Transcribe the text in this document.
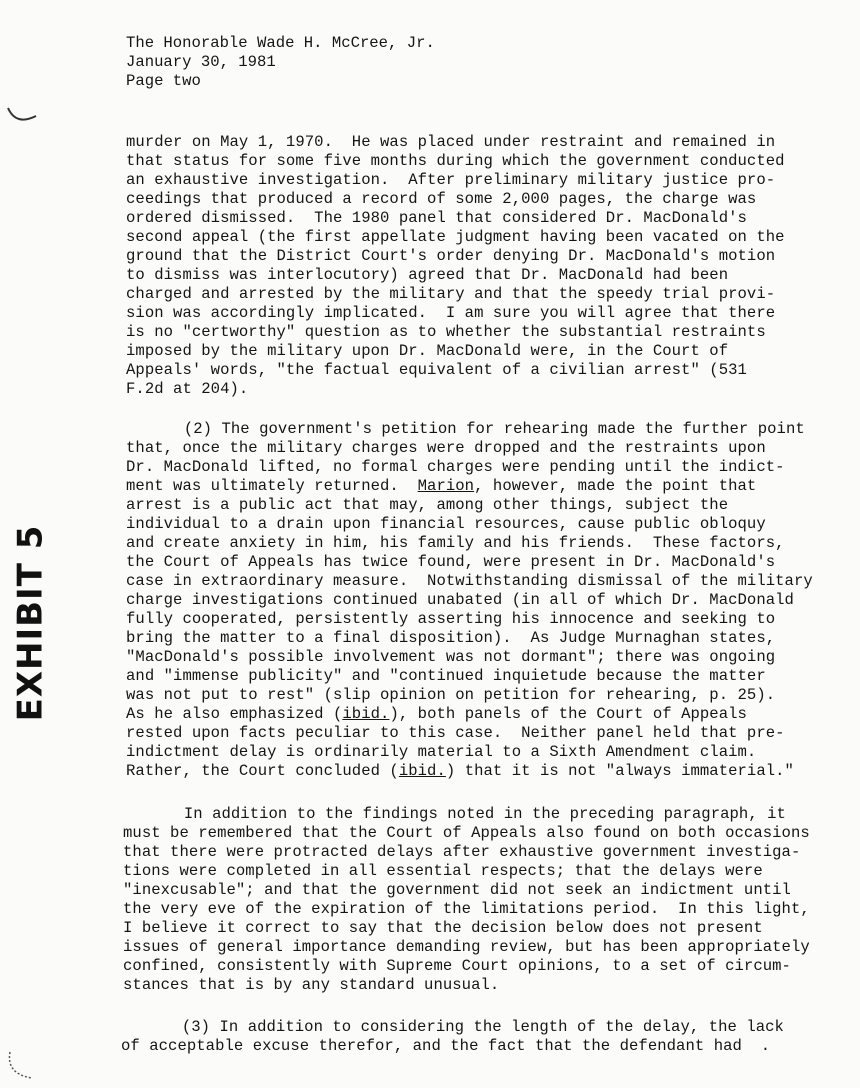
The Honorable Wade H. McCree, Jr.
January 30, 1981
Page two
EXHIBIT 5
murder on May 1, 1970.  He was placed under restraint and remained in
that status for some five months during which the government conducted
an exhaustive investigation.  After preliminary military justice pro-
ceedings that produced a record of some 2,000 pages, the charge was
ordered dismissed.  The 1980 panel that considered Dr. MacDonald's
second appeal (the first appellate judgment having been vacated on the
ground that the District Court's order denying Dr. MacDonald's motion
to dismiss was interlocutory) agreed that Dr. MacDonald had been
charged and arrested by the military and that the speedy trial provi-
sion was accordingly implicated.  I am sure you will agree that there
is no "certworthy" question as to whether the substantial restraints
imposed by the military upon Dr. MacDonald were, in the Court of
Appeals' words, "the factual equivalent of a civilian arrest" (531
F.2d at 204).
(2) The government's petition for rehearing made the further point
that, once the military charges were dropped and the restraints upon
Dr. MacDonald lifted, no formal charges were pending until the indict-
ment was ultimately returned.  Marion, however, made the point that
arrest is a public act that may, among other things, subject the
individual to a drain upon financial resources, cause public obloquy
and create anxiety in him, his family and his friends.  These factors,
the Court of Appeals has twice found, were present in Dr. MacDonald's
case in extraordinary measure.  Notwithstanding dismissal of the military
charge investigations continued unabated (in all of which Dr. MacDonald
fully cooperated, persistently asserting his innocence and seeking to
bring the matter to a final disposition).  As Judge Murnaghan states,
"MacDonald's possible involvement was not dormant"; there was ongoing
and "immense publicity" and "continued inquietude because the matter
was not put to rest" (slip opinion on petition for rehearing, p. 25).
As he also emphasized (ibid.), both panels of the Court of Appeals
rested upon facts peculiar to this case.  Neither panel held that pre-
indictment delay is ordinarily material to a Sixth Amendment claim.
Rather, the Court concluded (ibid.) that it is not "always immaterial."
In addition to the findings noted in the preceding paragraph, it
must be remembered that the Court of Appeals also found on both occasions
that there were protracted delays after exhaustive government investiga-
tions were completed in all essential respects; that the delays were
"inexcusable"; and that the government did not seek an indictment until
the very eve of the expiration of the limitations period.  In this light,
I believe it correct to say that the decision below does not present
issues of general importance demanding review, but has been appropriately
confined, consistently with Supreme Court opinions, to a set of circum-
stances that is by any standard unusual.
(3) In addition to considering the length of the delay, the lack
of acceptable excuse therefor, and the fact that the defendant had  .
